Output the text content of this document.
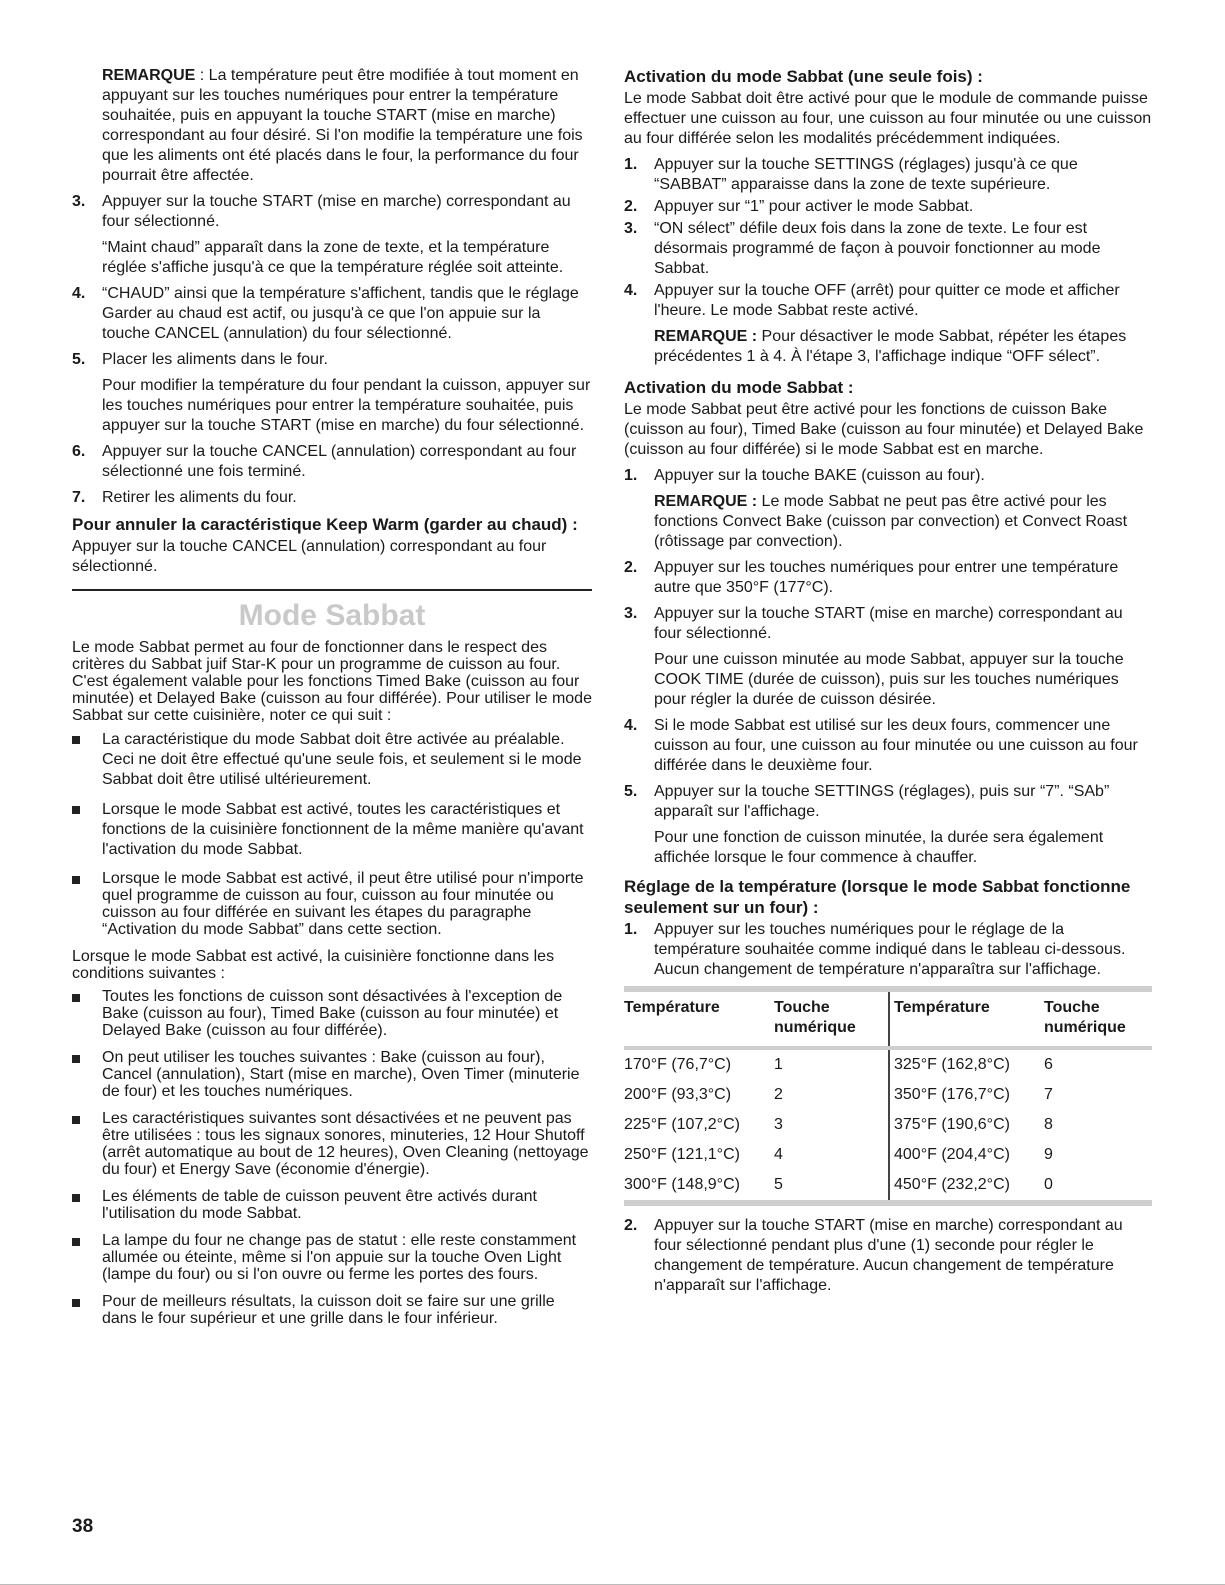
REMARQUE : La température peut être modifiée à tout moment en appuyant sur les touches numériques pour entrer la température souhaitée, puis en appuyant la touche START (mise en marche) correspondant au four désiré. Si l'on modifie la température une fois que les aliments ont été placés dans le four, la performance du four pourrait être affectée.

3. Appuyer sur la touche START (mise en marche) correspondant au four sélectionné.

“Maint chaud” apparaît dans la zone de texte, et la température réglée s'affiche jusqu'à ce que la température réglée soit atteinte.

4. “CHAUD” ainsi que la température s'affichent, tandis que le réglage Garder au chaud est actif, ou jusqu'à ce que l'on appuie sur la touche CANCEL (annulation) du four sélectionné.

5. Placer les aliments dans le four.

Pour modifier la température du four pendant la cuisson, appuyer sur les touches numériques pour entrer la température souhaitée, puis appuyer sur la touche START (mise en marche) du four sélectionné.

6. Appuyer sur la touche CANCEL (annulation) correspondant au four sélectionné une fois terminé.

7. Retirer les aliments du four.

Pour annuler la caractéristique Keep Warm (garder au chaud) :

Appuyer sur la touche CANCEL (annulation) correspondant au four sélectionné.

Mode Sabbat

Le mode Sabbat permet au four de fonctionner dans le respect des critères du Sabbat juif Star-K pour un programme de cuisson au four. C'est également valable pour les fonctions Timed Bake (cuisson au four minutée) et Delayed Bake (cuisson au four différée). Pour utiliser le mode Sabbat sur cette cuisinière, noter ce qui suit :

La caractéristique du mode Sabbat doit être activée au préalable. Ceci ne doit être effectué qu'une seule fois, et seulement si le mode Sabbat doit être utilisé ultérieurement.

Lorsque le mode Sabbat est activé, toutes les caractéristiques et fonctions de la cuisinière fonctionnent de la même manière qu'avant l'activation du mode Sabbat.

Lorsque le mode Sabbat est activé, il peut être utilisé pour n'importe quel programme de cuisson au four, cuisson au four minutée ou cuisson au four différée en suivant les étapes du paragraphe “Activation du mode Sabbat” dans cette section.

Lorsque le mode Sabbat est activé, la cuisinière fonctionne dans les conditions suivantes :

Toutes les fonctions de cuisson sont désactivées à l'exception de Bake (cuisson au four), Timed Bake (cuisson au four minutée) et Delayed Bake (cuisson au four différée).

On peut utiliser les touches suivantes : Bake (cuisson au four), Cancel (annulation), Start (mise en marche), Oven Timer (minuterie de four) et les touches numériques.

Les caractéristiques suivantes sont désactivées et ne peuvent pas être utilisées : tous les signaux sonores, minuteries, 12 Hour Shutoff (arrêt automatique au bout de 12 heures), Oven Cleaning (nettoyage du four) et Energy Save (économie d'énergie).

Les éléments de table de cuisson peuvent être activés durant l'utilisation du mode Sabbat.

La lampe du four ne change pas de statut : elle reste constamment allumée ou éteinte, même si l'on appuie sur la touche Oven Light (lampe du four) ou si l'on ouvre ou ferme les portes des fours.

Pour de meilleurs résultats, la cuisson doit se faire sur une grille dans le four supérieur et une grille dans le four inférieur.

Activation du mode Sabbat (une seule fois) :

Le mode Sabbat doit être activé pour que le module de commande puisse effectuer une cuisson au four, une cuisson au four minutée ou une cuisson au four différée selon les modalités précédemment indiquées.

1. Appuyer sur la touche SETTINGS (réglages) jusqu'à ce que “SABBAT” apparaisse dans la zone de texte supérieure.

2. Appuyer sur “1” pour activer le mode Sabbat.

3. “ON sélect” défile deux fois dans la zone de texte. Le four est désormais programmé de façon à pouvoir fonctionner au mode Sabbat.

4. Appuyer sur la touche OFF (arrêt) pour quitter ce mode et afficher l'heure. Le mode Sabbat reste activé.

REMARQUE : Pour désactiver le mode Sabbat, répéter les étapes précédentes 1 à 4. À l'étape 3, l'affichage indique “OFF sélect”.

Activation du mode Sabbat :

Le mode Sabbat peut être activé pour les fonctions de cuisson Bake (cuisson au four), Timed Bake (cuisson au four minutée) et Delayed Bake (cuisson au four différée) si le mode Sabbat est en marche.

1. Appuyer sur la touche BAKE (cuisson au four).

REMARQUE : Le mode Sabbat ne peut pas être activé pour les fonctions Convect Bake (cuisson par convection) et Convect Roast (rôtissage par convection).

2. Appuyer sur les touches numériques pour entrer une température autre que 350°F (177°C).

3. Appuyer sur la touche START (mise en marche) correspondant au four sélectionné.

Pour une cuisson minutée au mode Sabbat, appuyer sur la touche COOK TIME (durée de cuisson), puis sur les touches numériques pour régler la durée de cuisson désirée.

4. Si le mode Sabbat est utilisé sur les deux fours, commencer une cuisson au four, une cuisson au four minutée ou une cuisson au four différée dans le deuxième four.

5. Appuyer sur la touche SETTINGS (réglages), puis sur “7”. “SAb” apparaît sur l'affichage.

Pour une fonction de cuisson minutée, la durée sera également affichée lorsque le four commence à chauffer.

Réglage de la température (lorsque le mode Sabbat fonctionne seulement sur un four) :
1. Appuyer sur les touches numériques pour le réglage de la température souhaitée comme indiqué dans le tableau ci-dessous. Aucun changement de température n'apparaîtra sur l'affichage.

Température	Touche numérique	Température	Touche numérique
170°F (76,7°C)	1	325°F (162,8°C)	6
200°F (93,3°C)	2	350°F (176,7°C)	7
225°F (107,2°C)	3	375°F (190,6°C)	8
250°F (121,1°C)	4	400°F (204,4°C)	9
300°F (148,9°C)	5	450°F (232,2°C)	0
2. Appuyer sur la touche START (mise en marche) correspondant au four sélectionné pendant plus d'une (1) seconde pour régler le changement de température. Aucun changement de température n'apparaît sur l'affichage.

38
